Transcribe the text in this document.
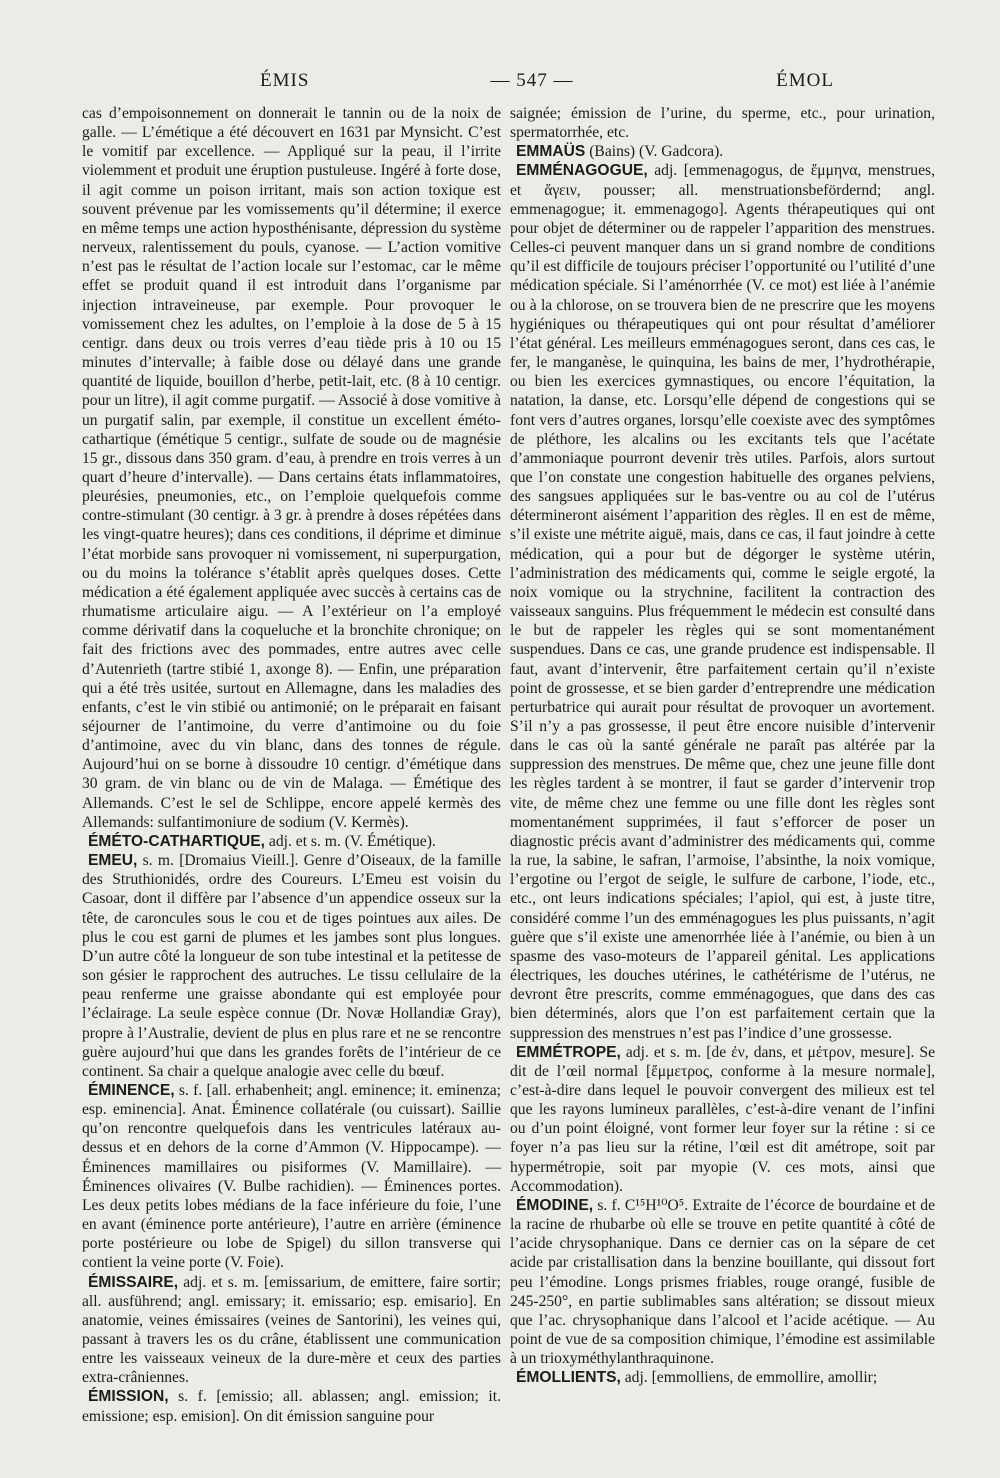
ÉMIS	— 547 —	ÉMOL

cas d’empoisonnement on donnerait le tannin ou de la noix de galle. — L’émétique a été découvert en 1631 par Mynsicht. C’est le vomitif par excellence. — Appliqué sur la peau, il l’irrite violemment et produit une éruption pustuleuse. Ingéré à forte dose, il agit comme un poison irritant, mais son action toxique est souvent prévenue par les vomissements qu’il détermine; il exerce en même temps une action hyposthénisante, dépression du système nerveux, ralentissement du pouls, cyanose. — L’action vomitive n’est pas le résultat de l’action locale sur l’estomac, car le même effet se produit quand il est introduit dans l’organisme par injection intraveineuse, par exemple. Pour provoquer le vomissement chez les adultes, on l’emploie à la dose de 5 à 15 centigr. dans deux ou trois verres d’eau tiède pris à 10 ou 15 minutes d’intervalle; à faible dose ou délayé dans une grande quantité de liquide, bouillon d’herbe, petit-lait, etc. (8 à 10 centigr. pour un litre), il agit comme purgatif. — Associé à dose vomitive à un purgatif salin, par exemple, il constitue un excellent éméto-cathartique (émétique 5 centigr., sulfate de soude ou de magnésie 15 gr., dissous dans 350 gram. d’eau, à prendre en trois verres à un quart d’heure d’intervalle). — Dans certains états inflammatoires, pleurésies, pneumonies, etc., on l’emploie quelquefois comme contre-stimulant (30 centigr. à 3 gr. à prendre à doses répétées dans les vingt-quatre heures); dans ces conditions, il déprime et diminue l’état morbide sans provoquer ni vomissement, ni superpurgation, ou du moins la tolérance s’établit après quelques doses. Cette médication a été également appliquée avec succès à certains cas de rhumatisme articulaire aigu. — A l’extérieur on l’a employé comme dérivatif dans la coqueluche et la bronchite chronique; on fait des frictions avec des pommades, entre autres avec celle d’Autenrieth (tartre stibié 1, axonge 8). — Enfin, une préparation qui a été très usitée, surtout en Allemagne, dans les maladies des enfants, c’est le vin stibié ou antimonié; on le préparait en faisant séjourner de l’antimoine, du verre d’antimoine ou du foie d’antimoine, avec du vin blanc, dans des tonnes de régule. Aujourd’hui on se borne à dissoudre 10 centigr. d’émétique dans 30 gram. de vin blanc ou de vin de Malaga. — Émétique des Allemands. C’est le sel de Schlippe, encore appelé kermès des Allemands: sulfantimoniure de sodium (V. Kermès).

ÉMÉTO-CATHARTIQUE, adj. et s. m. (V. Émétique).

EMEU, s. m. [Dromaius Vieill.]. Genre d’Oiseaux, de la famille des Struthionidés, ordre des Coureurs. L’Emeu est voisin du Casoar, dont il diffère par l’absence d’un appendice osseux sur la tête, de caroncules sous le cou et de tiges pointues aux ailes. De plus le cou est garni de plumes et les jambes sont plus longues. D’un autre côté la longueur de son tube intestinal et la petitesse de son gésier le rapprochent des autruches. Le tissu cellulaire de la peau renferme une graisse abondante qui est employée pour l’éclairage. La seule espèce connue (Dr. Novæ Hollandiæ Gray), propre à l’Australie, devient de plus en plus rare et ne se rencontre guère aujourd’hui que dans les grandes forêts de l’intérieur de ce continent. Sa chair a quelque analogie avec celle du bœuf.

ÉMINENCE, s. f. [all. erhabenheit; angl. eminence; it. eminenza; esp. eminencia]. Anat. Éminence collatérale (ou cuissart). Saillie qu’on rencontre quelquefois dans les ventricules latéraux au-dessus et en dehors de la corne d’Ammon (V. Hippocampe). — Éminences mamillaires ou pisiformes (V. Mamillaire). — Éminences olivaires (V. Bulbe rachidien). — Éminences portes. Les deux petits lobes médians de la face inférieure du foie, l’une en avant (éminence porte antérieure), l’autre en arrière (éminence porte postérieure ou lobe de Spigel) du sillon transverse qui contient la veine porte (V. Foie).

ÉMISSAIRE, adj. et s. m. [emissarium, de emittere, faire sortir; all. ausführend; angl. emissary; it. emissario; esp. emisario]. En anatomie, veines émissaires (veines de Santorini), les veines qui, passant à travers les os du crâne, établissent une communication entre les vaisseaux veineux de la dure-mère et ceux des parties extra-crâniennes.

ÉMISSION, s. f. [emissio; all. ablassen; angl. emission; it. emissione; esp. emision]. On dit émission sanguine pour

saignée; émission de l’urine, du sperme, etc., pour urination, spermatorrhée, etc.

EMMAÜS (Bains) (V. Gadcora).

EMMÉNAGOGUE, adj. [emmenagogus, de ἔμμηνα, menstrues, et ἄγειν, pousser; all. menstruationsbefördernd; angl. emmenagogue; it. emmenagogo]. Agents thérapeutiques qui ont pour objet de déterminer ou de rappeler l’apparition des menstrues. Celles-ci peuvent manquer dans un si grand nombre de conditions qu’il est difficile de toujours préciser l’opportunité ou l’utilité d’une médication spéciale. Si l’aménorrhée (V. ce mot) est liée à l’anémie ou à la chlorose, on se trouvera bien de ne prescrire que les moyens hygiéniques ou thérapeutiques qui ont pour résultat d’améliorer l’état général. Les meilleurs emménagogues seront, dans ces cas, le fer, le manganèse, le quinquina, les bains de mer, l’hydrothérapie, ou bien les exercices gymnastiques, ou encore l’équitation, la natation, la danse, etc. Lorsqu’elle dépend de congestions qui se font vers d’autres organes, lorsqu’elle coexiste avec des symptômes de pléthore, les alcalins ou les excitants tels que l’acétate d’ammoniaque pourront devenir très utiles. Parfois, alors surtout que l’on constate une congestion habituelle des organes pelviens, des sangsues appliquées sur le bas-ventre ou au col de l’utérus détermineront aisément l’apparition des règles. Il en est de même, s’il existe une métrite aiguë, mais, dans ce cas, il faut joindre à cette médication, qui a pour but de dégorger le système utérin, l’administration des médicaments qui, comme le seigle ergoté, la noix vomique ou la strychnine, facilitent la contraction des vaisseaux sanguins. Plus fréquemment le médecin est consulté dans le but de rappeler les règles qui se sont momentanément suspendues. Dans ce cas, une grande prudence est indispensable. Il faut, avant d’intervenir, être parfaitement certain qu’il n’existe point de grossesse, et se bien garder d’entreprendre une médication perturbatrice qui aurait pour résultat de provoquer un avortement. S’il n’y a pas grossesse, il peut être encore nuisible d’intervenir dans le cas où la santé générale ne paraît pas altérée par la suppression des menstrues. De même que, chez une jeune fille dont les règles tardent à se montrer, il faut se garder d’intervenir trop vite, de même chez une femme ou une fille dont les règles sont momentanément supprimées, il faut s’efforcer de poser un diagnostic précis avant d’administrer des médicaments qui, comme la rue, la sabine, le safran, l’armoise, l’absinthe, la noix vomique, l’ergotine ou l’ergot de seigle, le sulfure de carbone, l’iode, etc., etc., ont leurs indications spéciales; l’apiol, qui est, à juste titre, considéré comme l’un des emménagogues les plus puissants, n’agit guère que s’il existe une amenorrhée liée à l’anémie, ou bien à un spasme des vaso-moteurs de l’appareil génital. Les applications électriques, les douches utérines, le cathétérisme de l’utérus, ne devront être prescrits, comme emménagogues, que dans des cas bien déterminés, alors que l’on est parfaitement certain que la suppression des menstrues n’est pas l’indice d’une grossesse.

EMMÉTROPE, adj. et s. m. [de ἐν, dans, et μέτρον, mesure]. Se dit de l’œil normal [ἔμμετρος, conforme à la mesure normale], c’est-à-dire dans lequel le pouvoir convergent des milieux est tel que les rayons lumineux parallèles, c’est-à-dire venant de l’infini ou d’un point éloigné, vont former leur foyer sur la rétine : si ce foyer n’a pas lieu sur la rétine, l’œil est dit amétrope, soit par hypermétropie, soit par myopie (V. ces mots, ainsi que Accommodation).

ÉMODINE, s. f. C¹⁵H¹⁰O⁵. Extraite de l’écorce de bourdaine et de la racine de rhubarbe où elle se trouve en petite quantité à côté de l’acide chrysophanique. Dans ce dernier cas on la sépare de cet acide par cristallisation dans la benzine bouillante, qui dissout fort peu l’émodine. Longs prismes friables, rouge orangé, fusible de 245-250°, en partie sublimables sans altération; se dissout mieux que l’ac. chrysophanique dans l’alcool et l’acide acétique. — Au point de vue de sa composition chimique, l’émodine est assimilable à un trioxyméthylanthraquinone.

ÉMOLLIENTS, adj. [emmolliens, de emmollire, amollir;
